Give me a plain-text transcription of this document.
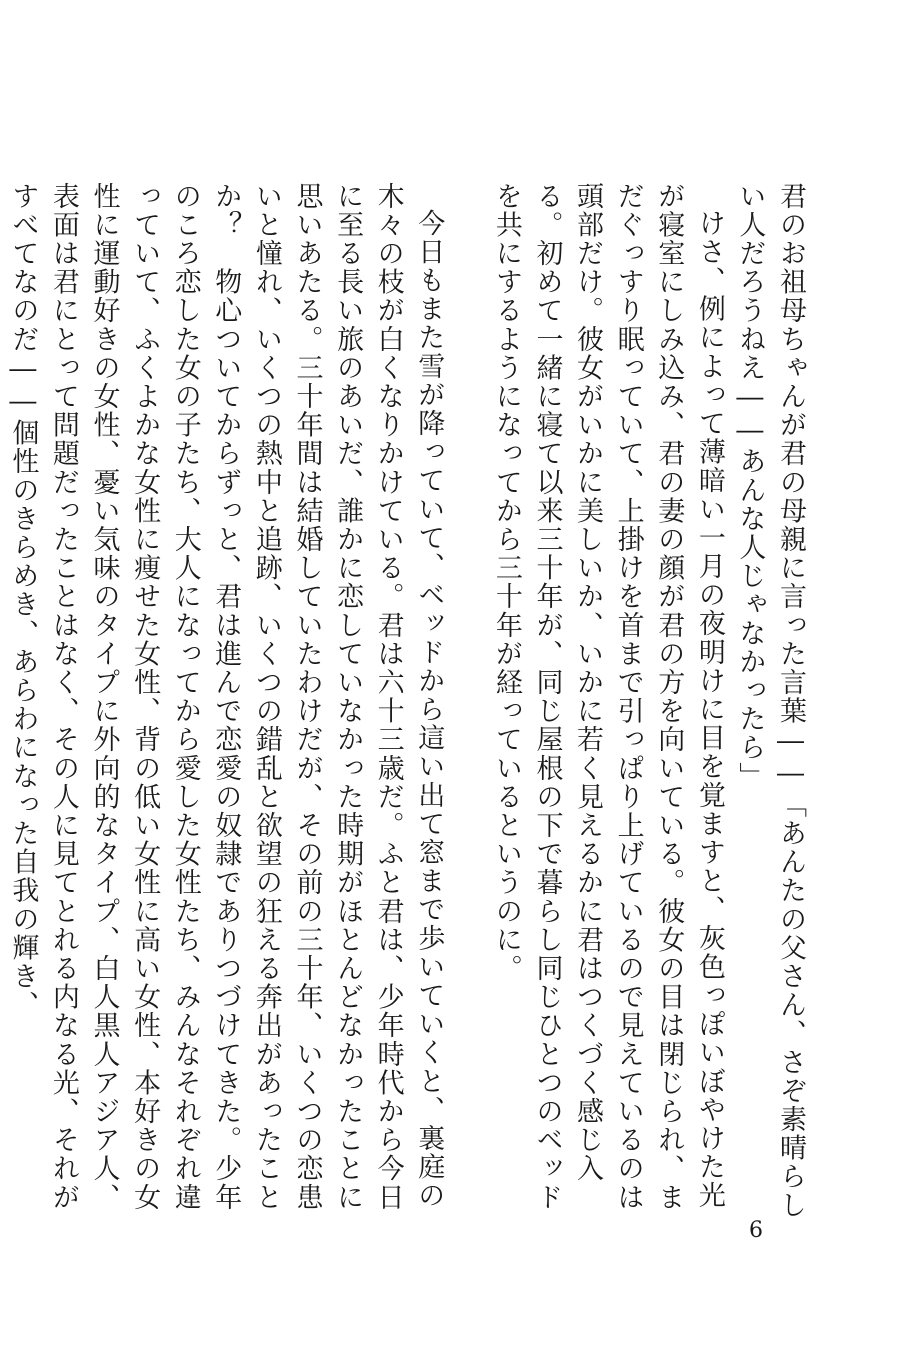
君のお祖母ちゃんが君の母親に言った言葉――「あんたの父さん、さぞ素晴らしい人だろうねえ――あんな人じゃなかったら」

けさ、例によって薄暗い一月の夜明けに目を覚ますと、灰色っぽいぼやけた光が寝室にしみ込み、君の妻の顔が君の方を向いている。彼女の目は閉じられ、まだぐっすり眠っていて、上掛けを首まで引っぱり上げているので見えているのは頭部だけ。彼女がいかに美しいか、いかに若く見えるかに君はつくづく感じ入る。初めて一緒に寝て以来三十年が、同じ屋根の下で暮らし同じひとつのベッドを共にするようになってから三十年が経っているというのに。

今日もまた雪が降っていて、ベッドから這い出て窓まで歩いていくと、裏庭の木々の枝が白くなりかけている。君は六十三歳だ。ふと君は、少年時代から今日に至る長い旅のあいだ、誰かに恋していなかった時期がほとんどなかったことに思いあたる。三十年間は結婚していたわけだが、その前の三十年、いくつの恋患いと憧れ、いくつの熱中と追跡、いくつの錯乱と欲望の狂える奔出があったことか？　物心ついてからずっと、君は進んで恋愛の奴隷でありつづけてきた。少年のころ恋した女の子たち、大人になってから愛した女性たち、みんなそれぞれ違っていて、ふくよかな女性に痩せた女性、背の低い女性に高い女性、本好きの女性に運動好きの女性、憂い気味のタイプに外向的なタイプ、白人黒人アジア人、表面は君にとって問題だったことはなく、その人に見てとれる内なる光、それがすべてなのだ――個性のきらめき、あらわになった自我の輝き、

6
